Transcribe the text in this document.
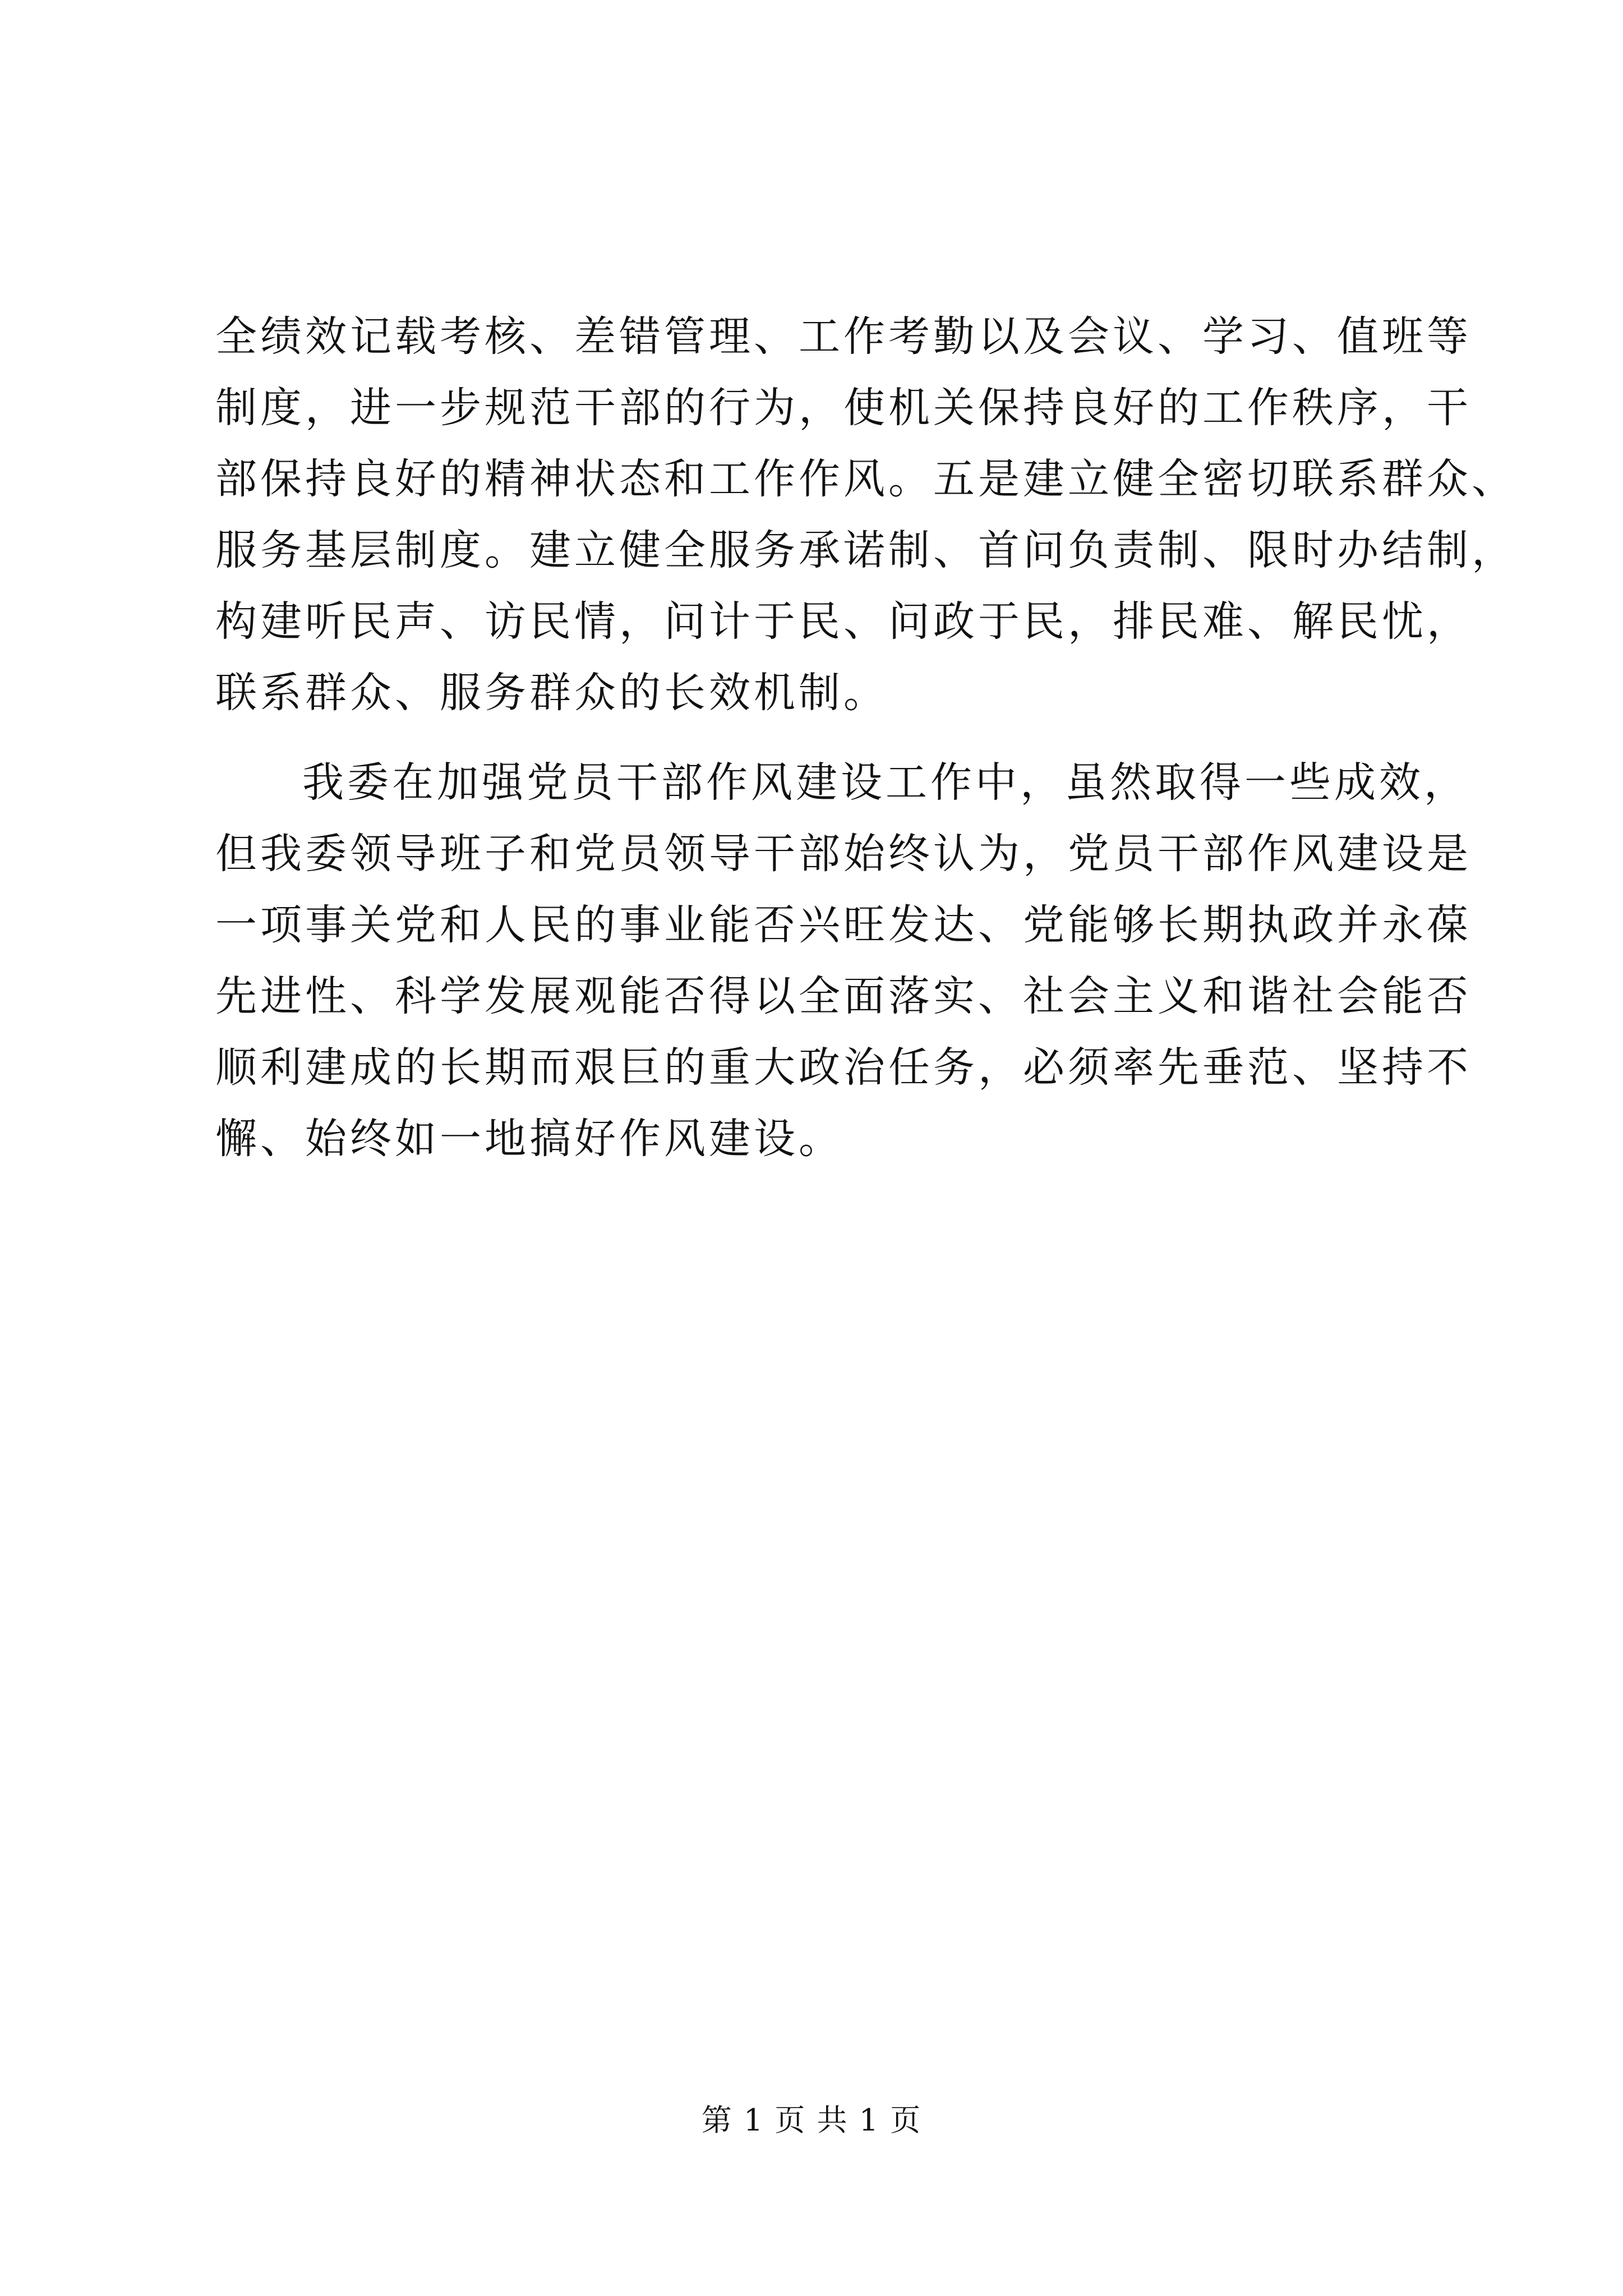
全绩效记载考核、差错管理、工作考勤以及会议、学习、值班等
制度，进一步规范干部的行为，使机关保持良好的工作秩序，干
部保持良好的精神状态和工作作风。五是建立健全密切联系群众、
服务基层制度。建立健全服务承诺制、首问负责制、限时办结制，
构建听民声、访民情，问计于民、问政于民，排民难、解民忧，
联系群众、服务群众的长效机制。
我委在加强党员干部作风建设工作中，虽然取得一些成效，
但我委领导班子和党员领导干部始终认为，党员干部作风建设是
一项事关党和人民的事业能否兴旺发达、党能够长期执政并永葆
先进性、科学发展观能否得以全面落实、社会主义和谐社会能否
顺利建成的长期而艰巨的重大政治任务，必须率先垂范、坚持不
懈、始终如一地搞好作风建设。
第 1 页 共 1 页
